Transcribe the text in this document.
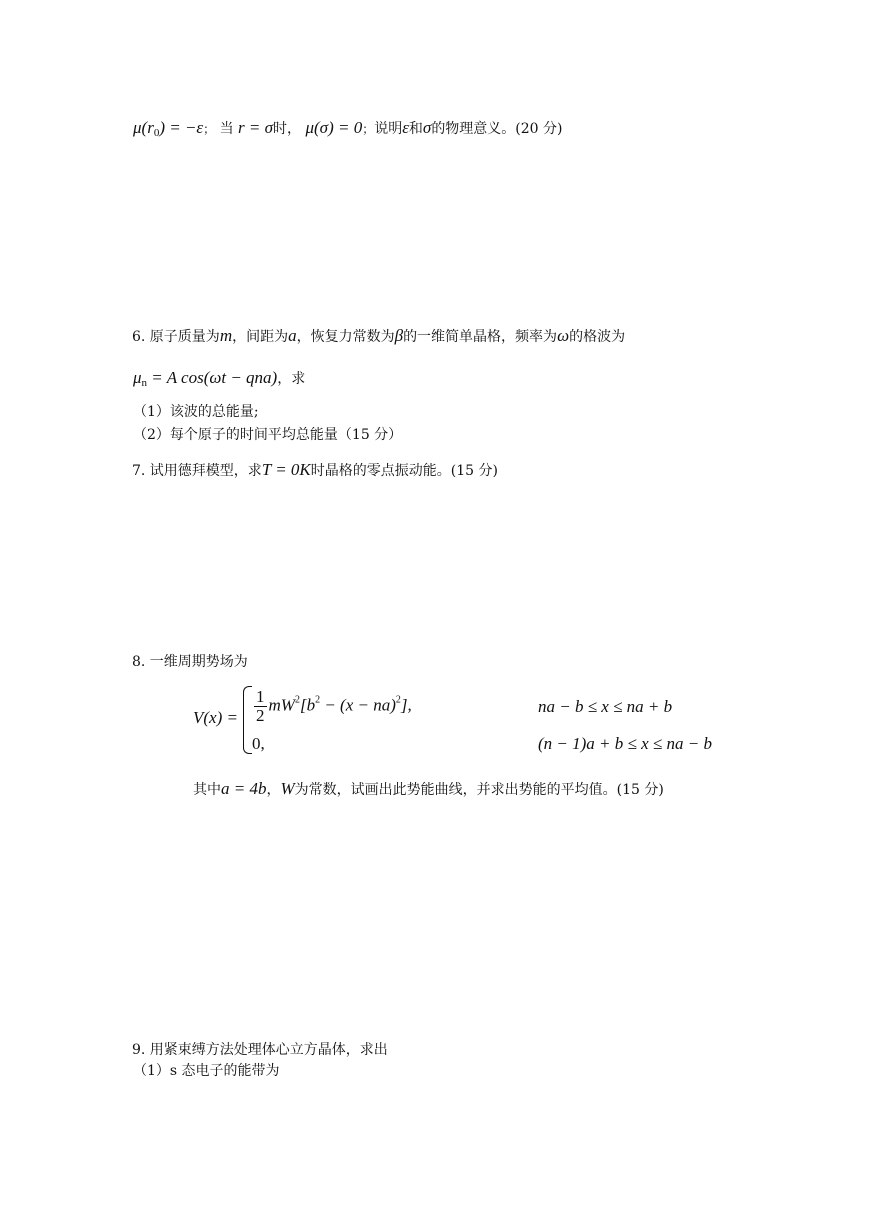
$\mu(r_0) = -\varepsilon$； 当 r = σ时， μ(σ) = 0；说明ε和σ的物理意义。(20 分)
6. 原子质量为m，间距为a，恢复力常数为β的一维简单晶格，频率为ω的格波为
$\mu_n = A$ cos(ωt − qna)，求
（1）该波的总能量;
（2）每个原子的时间平均总能量（15 分）
7. 试用德拜模型，求T = 0K时晶格的零点振动能。(15 分)
8. 一维周期势场为
$V(x) = \frac{1}{2} mW^2[b^2 - (x - na)^2]$,	na − b ≤ x ≤ na + b
0,	(n − 1)a + b ≤ x ≤ na − b
其中a = 4b，W为常数，试画出此势能曲线，并求出势能的平均值。(15 分)
9. 用紧束缚方法处理体心立方晶体，求出
（1）s 态电子的能带为
